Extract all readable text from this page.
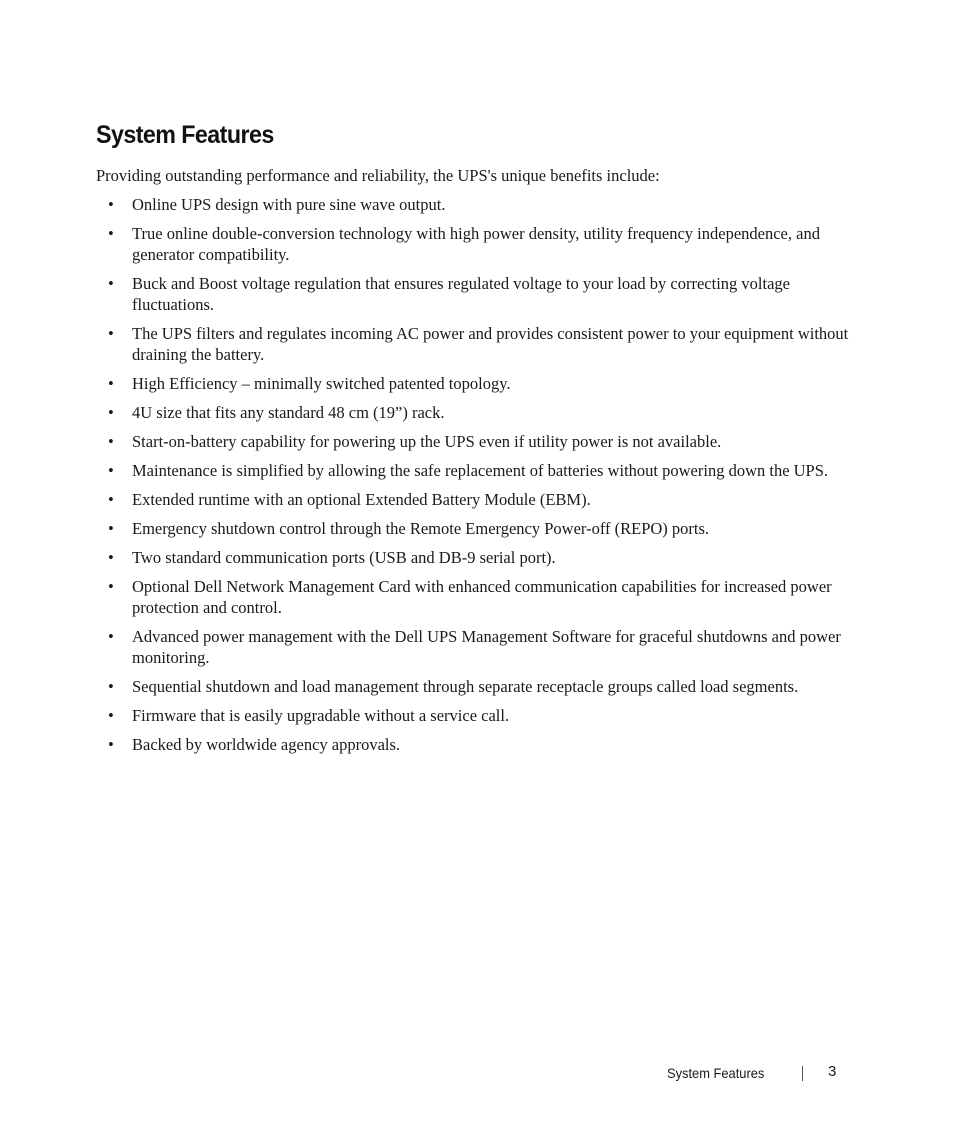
System Features

Providing outstanding performance and reliability, the UPS's unique benefits include:

• Online UPS design with pure sine wave output.
• True online double-conversion technology with high power density, utility frequency independence, and generator compatibility.
• Buck and Boost voltage regulation that ensures regulated voltage to your load by correcting voltage fluctuations.
• The UPS filters and regulates incoming AC power and provides consistent power to your equipment without draining the battery.
• High Efficiency – minimally switched patented topology.
• 4U size that fits any standard 48 cm (19”) rack.
• Start-on-battery capability for powering up the UPS even if utility power is not available.
• Maintenance is simplified by allowing the safe replacement of batteries without powering down the UPS.
• Extended runtime with an optional Extended Battery Module (EBM).
• Emergency shutdown control through the Remote Emergency Power-off (REPO) ports.
• Two standard communication ports (USB and DB-9 serial port).
• Optional Dell Network Management Card with enhanced communication capabilities for increased power protection and control.
• Advanced power management with the Dell UPS Management Software for graceful shutdowns and power monitoring.
• Sequential shutdown and load management through separate receptacle groups called load segments.
• Firmware that is easily upgradable without a service call.
• Backed by worldwide agency approvals.
System Features	3
